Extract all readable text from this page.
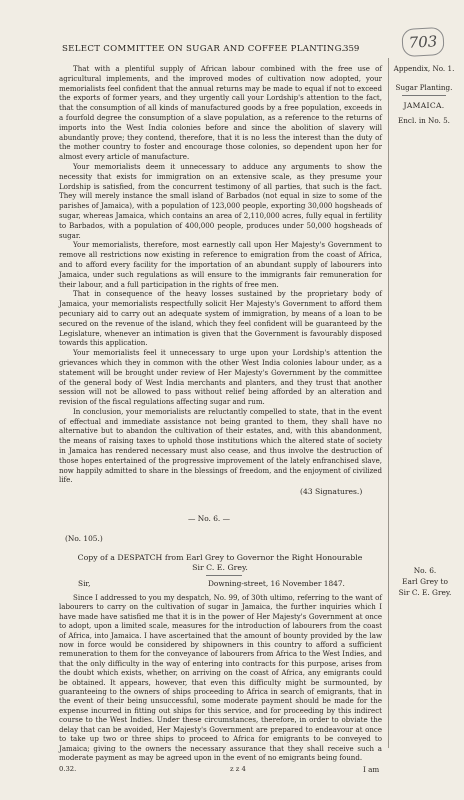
SELECT COMMITTEE ON SUGAR AND COFFEE PLANTING.
359	703
Appendix, No. 1.
Sugar Planting.
JAMAICA.
Encl. in No. 5.

That with a plentiful supply of African labour combined with the free use of agricultural implements, and the improved modes of cultivation now adopted, your memorialists feel confident that the annual returns may be made to equal if not to exceed the exports of former years, and they urgently call your Lordship's attention to the fact, that the consumption of all kinds of manufactured goods by a free population, exceeds in a fourfold degree the consumption of a slave population, as a reference to the returns of imports into the West India colonies before and since the abolition of slavery will abundantly prove; they contend, therefore, that it is no less the interest than the duty of the mother country to foster and encourage those colonies, so dependent upon her for almost every article of manufacture.

Your memorialists deem it unnecessary to adduce any arguments to show the necessity that exists for immigration on an extensive scale, as they presume your Lordship is satisfied, from the concurrent testimony of all parties, that such is the fact. They will merely instance the small island of Barbados (not equal in size to some of the parishes of Jamaica), with a population of 123,000 people, exporting 30,000 hogsheads of sugar, whereas Jamaica, which contains an area of 2,110,000 acres, fully equal in fertility to Barbados, with a population of 400,000 people, produces under 50,000 hogsheads of sugar.

Your memorialists, therefore, most earnestly call upon Her Majesty's Government to remove all restrictions now existing in reference to emigration from the coast of Africa, and to afford every facility for the importation of an abundant supply of labourers into Jamaica, under such regulations as will ensure to the immigrants fair remuneration for their labour, and a full participation in the rights of free men.

That in consequence of the heavy losses sustained by the proprietary body of Jamaica, your memorialists respectfully solicit Her Majesty's Government to afford them pecuniary aid to carry out an adequate system of immigration, by means of a loan to be secured on the revenue of the island, which they feel confident will be guaranteed by the Legislature, whenever an intimation is given that the Government is favourably disposed towards this application.

Your memorialists feel it unnecessary to urge upon your Lordship's attention the grievances which they in common with the other West India colonies labour under, as a statement will be brought under review of Her Majesty's Government by the committee of the general body of West India merchants and planters, and they trust that another session will not be allowed to pass without relief being afforded by an alteration and revision of the fiscal regulations affecting sugar and rum.

In conclusion, your memorialists are reluctantly compelled to state, that in the event of effectual and immediate assistance not being granted to them, they shall have no alternative but to abandon the cultivation of their estates, and, with this abandonment, the means of raising taxes to uphold those institutions which the altered state of society in Jamaica has rendered necessary must also cease, and thus involve the destruction of those hopes entertained of the progressive improvement of the lately enfranchised slave, now happily admitted to share in the blessings of freedom, and the enjoyment of civilized life.

(43 Signatures.)
— No. 6. —
(No. 105.)
Copy of a DESPATCH from Earl Grey to Governor the Right Honourable
Sir C. E. Grey.	No. 6.
Earl Grey to
Sir C. E. Grey.
Sir,	Downing-street, 16 November 1847.

Since I addressed to you my despatch, No. 99, of 30th ultimo, referring to the want of labourers to carry on the cultivation of sugar in Jamaica, the further inquiries which I have made have satisfied me that it is in the power of Her Majesty's Government at once to adopt, upon a limited scale, measures for the introduction of labourers from the coast of Africa, into Jamaica. I have ascertained that the amount of bounty provided by the law now in force would be considered by shipowners in this country to afford a sufficient remuneration to them for the conveyance of labourers from Africa to the West Indies, and that the only difficulty in the way of entering into contracts for this purpose, arises from the doubt which exists, whether, on arriving on the coast of Africa, any emigrants could be obtained. It appears, however, that even this difficulty might be surmounted, by guaranteeing to the owners of ships proceeding to Africa in search of emigrants, that in the event of their being unsuccessful, some moderate payment should be made for the expense incurred in fitting out ships for this service, and for proceeding by this indirect course to the West Indies. Under these circumstances, therefore, in order to obviate the delay that can be avoided, Her Majesty's Government are prepared to endeavour at once to take up two or three ships to proceed to Africa for emigrants to be conveyed to Jamaica; giving to the owners the necessary assurance that they shall receive such a moderate payment as may be agreed upon in the event of no emigrants being found.

0.32.	z z 4	I am
